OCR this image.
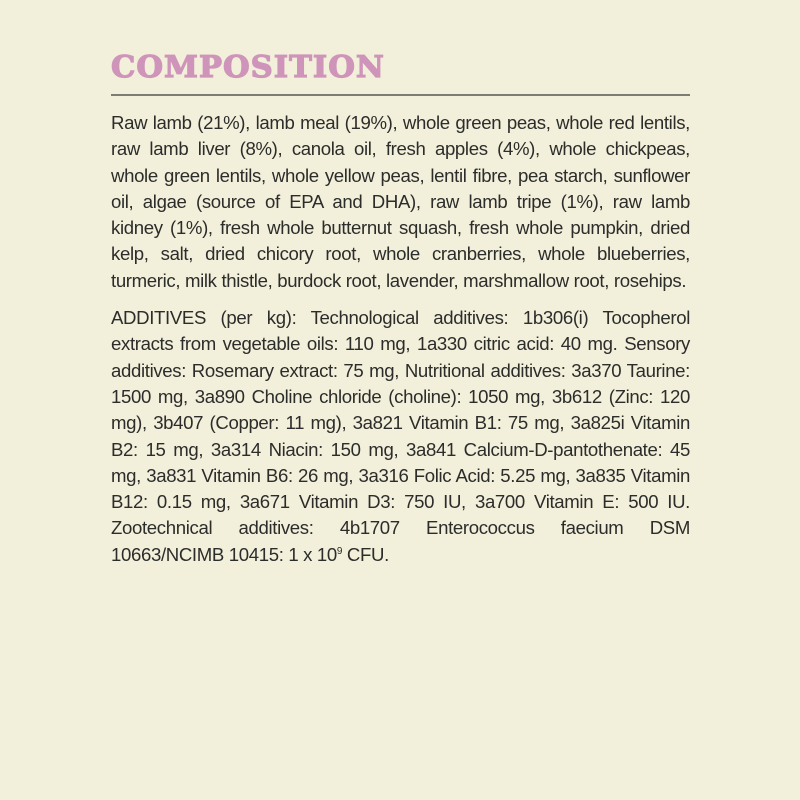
COMPOSITION

Raw lamb (21%), lamb meal (19%), whole green peas, whole red lentils, raw lamb liver (8%), canola oil, fresh apples (4%), whole chickpeas, whole green lentils, whole yellow peas, lentil fibre, pea starch, sunflower oil, algae (source of EPA and DHA), raw lamb tripe (1%), raw lamb kidney (1%), fresh whole butternut squash, fresh whole pumpkin, dried kelp, salt, dried chicory root, whole cranberries, whole blueberries, turmeric, milk thistle, burdock root, lavender, marshmallow root, rosehips.

ADDITIVES (per kg): Technological additives: 1b306(i) Tocopherol extracts from vegetable oils: 110 mg, 1a330 citric acid: 40 mg. Sensory additives: Rosemary extract: 75 mg, Nutritional additives: 3a370 Taurine: 1500 mg, 3a890 Choline chloride (choline): 1050 mg, 3b612 (Zinc: 120 mg), 3b407 (Copper: 11 mg), 3a821 Vitamin B1: 75 mg, 3a825i Vitamin B2: 15 mg, 3a314 Niacin: 150 mg, 3a841 Calcium-D-pantothenate: 45 mg, 3a831 Vitamin B6: 26 mg, 3a316 Folic Acid: 5.25 mg, 3a835 Vitamin B12: 0.15 mg, 3a671 Vitamin D3: 750 IU, 3a700 Vitamin E: 500 IU. Zootechnical additives: 4b1707 Enterococcus faecium DSM 10663/NCIMB 10415: 1 x $10^9$ CFU.
